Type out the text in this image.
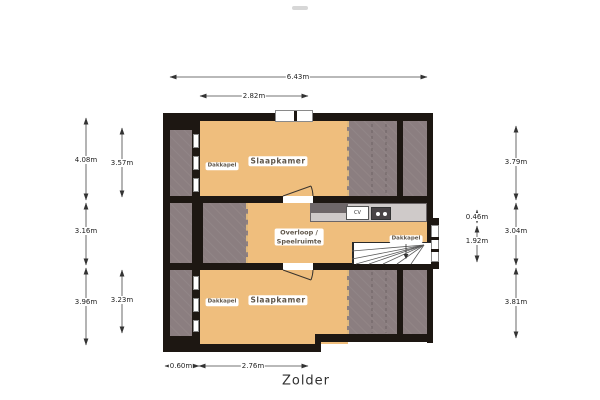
CV
Slaapkamer
Dakkapel
Overloop /
Speelruimte	Dakkapel
Slaapkamer
Dakkapel
6.43m
2.82m
4.08m
3.16m
3.96m
3.57m
3.23m
0.46m
1.92m
3.79m
3.04m
3.81m
0.60m	2.76m
Zolder
